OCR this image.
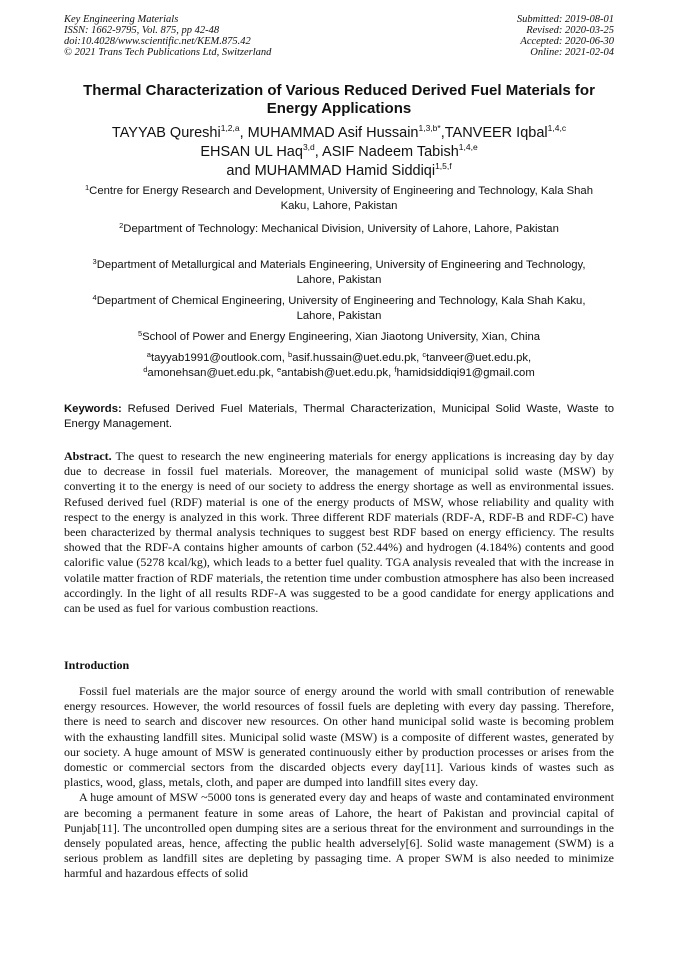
Key Engineering Materials
ISSN: 1662-9795, Vol. 875, pp 42-48
doi:10.4028/www.scientific.net/KEM.875.42
© 2021 Trans Tech Publications Ltd, Switzerland
Submitted: 2019-08-01
Revised: 2020-03-25
Accepted: 2020-06-30
Online: 2021-02-04
Thermal Characterization of Various Reduced Derived Fuel Materials for Energy Applications
TAYYAB Qureshi$^{1,2,a}$, MUHAMMAD Asif Hussain$^{1,3,b*}$,TANVEER Iqbal$^{1,4,c}$
EHSAN UL Haq$^{3,d}$, ASIF Nadeem Tabish$^{1,4,e}$
and MUHAMMAD Hamid Siddiqi$^{1,5,f}$
$^1$Centre for Energy Research and Development, University of Engineering and Technology, Kala Shah Kaku, Lahore, Pakistan
$^2$Department of Technology: Mechanical Division, University of Lahore, Lahore, Pakistan
$^3$Department of Metallurgical and Materials Engineering, University of Engineering and Technology, Lahore, Pakistan
$^4$Department of Chemical Engineering, University of Engineering and Technology, Kala Shah Kaku, Lahore, Pakistan
$^5$School of Power and Energy Engineering, Xian Jiaotong University, Xian, China
$^a$tayyab1991@outlook.com, $^b$asif.hussain@uet.edu.pk, $^c$tanveer@uet.edu.pk,
$^d$amonehsan@uet.edu.pk, $^e$antabish@uet.edu.pk, $^f$hamidsiddiqi91@gmail.com
Keywords: Refused Derived Fuel Materials, Thermal Characterization, Municipal Solid Waste, Waste to Energy Management.
Abstract. The quest to research the new engineering materials for energy applications is increasing day by day due to decrease in fossil fuel materials. Moreover, the management of municipal solid waste (MSW) by converting it to the energy is need of our society to address the energy shortage as well as environmental issues. Refused derived fuel (RDF) material is one of the energy products of MSW, whose reliability and quality with respect to the energy is analyzed in this work. Three different RDF materials (RDF-A, RDF-B and RDF-C) have been characterized by thermal analysis techniques to suggest best RDF based on energy efficiency. The results showed that the RDF-A contains higher amounts of carbon (52.44%) and hydrogen (4.184%) contents and good calorific value (5278 kcal/kg), which leads to a better fuel quality. TGA analysis revealed that with the increase in volatile matter fraction of RDF materials, the retention time under combustion atmosphere has also been increased accordingly. In the light of all results RDF-A was suggested to be a good candidate for energy applications and can be used as fuel for various combustion reactions.
Introduction
Fossil fuel materials are the major source of energy around the world with small contribution of renewable energy resources. However, the world resources of fossil fuels are depleting with every day passing. Therefore, there is need to search and discover new resources. On other hand municipal solid waste is becoming problem with the exhausting landfill sites. Municipal solid waste (MSW) is a composite of different wastes, generated by our society. A huge amount of MSW is generated continuously either by production processes or arises from the domestic or commercial sectors from the discarded objects every day[11]. Various kinds of wastes such as plastics, wood, glass, metals, cloth, and paper are dumped into landfill sites every day.
A huge amount of MSW ~5000 tons is generated every day and heaps of waste and contaminated environment are becoming a permanent feature in some areas of Lahore, the heart of Pakistan and provincial capital of Punjab[11]. The uncontrolled open dumping sites are a serious threat for the environment and surroundings in the densely populated areas, hence, affecting the public health adversely[6]. Solid waste management (SWM) is a serious problem as landfill sites are depleting by passaging time. A proper SWM is also needed to minimize harmful and hazardous effects of solid
